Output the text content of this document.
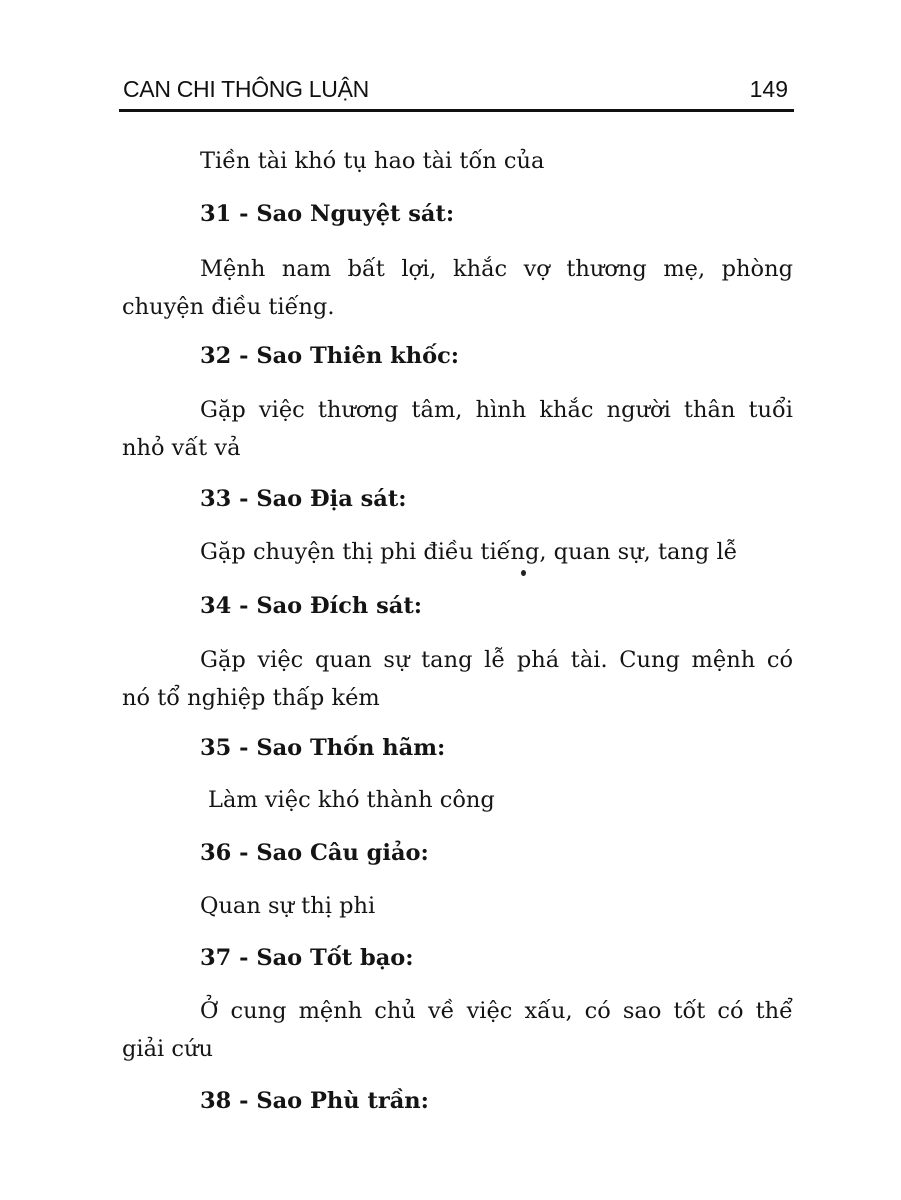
CAN CHI THÔNG LUẬN	149
Tiền tài khó tụ hao tài tốn của
31 - Sao Nguyệt sát:
Mệnh nam bất lợi, khắc vợ thương mẹ, phòng
chuyện điều tiếng.
32 - Sao Thiên khốc:
Gặp việc thương tâm, hình khắc người thân tuổi
nhỏ vất vả
33 - Sao Địa sát:
Gặp chuyện thị phi điều tiếng, quan sự, tang lễ
34 - Sao Đích sát:
Gặp việc quan sự tang lễ phá tài. Cung mệnh có
nó tổ nghiệp thấp kém
35 - Sao Thốn hãm:
Làm việc khó thành công
36 - Sao Câu giảo:
Quan sự thị phi
37 - Sao Tốt bạo:
Ở cung mệnh chủ về việc xấu, có sao tốt có thể
giải cứu
38 - Sao Phù trần:
